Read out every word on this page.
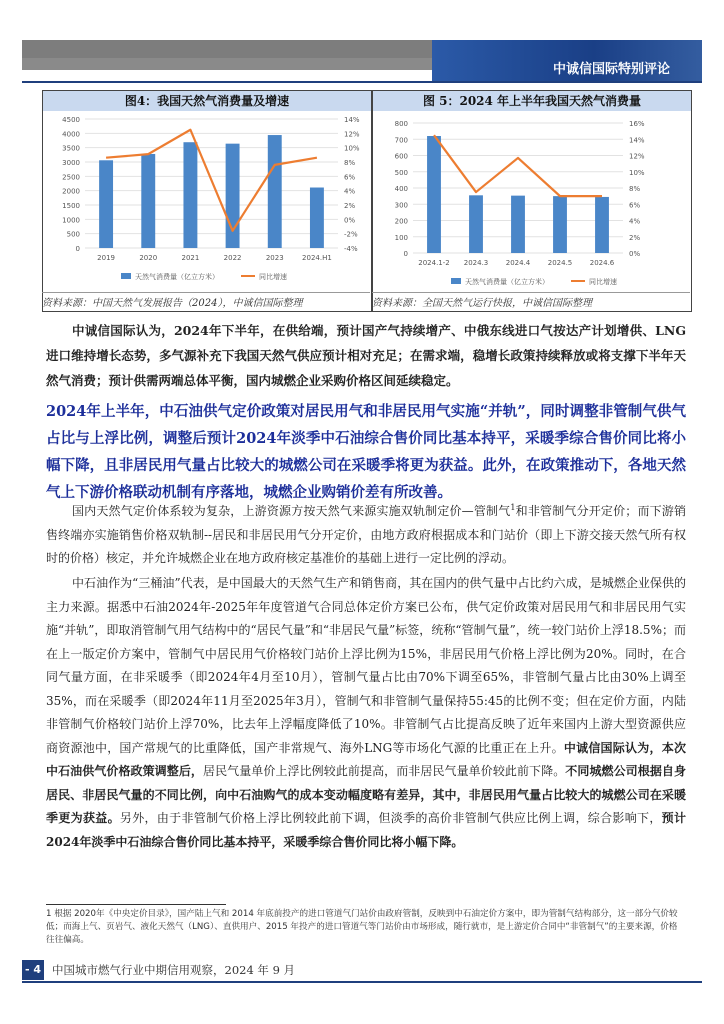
中诚信国际特别评论
图4：我国天然气消费量及增速
4500
4000
3500
3000
2500
2000
1500
1000
500
0
14%
12%
10%
8%
6%
4%
2%
0%
-2%
-4%
2019	2020	2021	2022	2023	2024.H1
天然气消费量（亿立方米）	同比增速
资料来源：中国天然气发展报告（2024），中诚信国际整理
图 5：2024 年上半年我国天然气消费量
800
700
600
500
400
300
200
100
0
16%
14%
12%
10%
8%
6%
4%
2%
0%
2024.1-2 2024.3	2024.4	2024.5	2024.6
天然气消费量（亿立方米）	同比增速
资料来源：全国天然气运行快报，中诚信国际整理

中诚信国际认为，2024年下半年，在供给端，预计国产气持续增产、中俄东线进口气按达产计划增供、LNG进口维持增长态势，多气源补充下我国天然气供应预计相对充足；在需求端，稳增长政策持续释放或将支撑下半年天然气消费；预计供需两端总体平衡，国内城燃企业采购价格区间延续稳定。

2024年上半年，中石油供气定价政策对居民用气和非居民用气实施“并轨”，同时调整非管制气供气占比与上浮比例，调整后预计2024年淡季中石油综合售价同比基本持平，采暖季综合售价同比将小幅下降，且非居民用气量占比较大的城燃公司在采暖季将更为获益。此外，在政策推动下，各地天然气上下游价格联动机制有序落地，城燃企业购销价差有所改善。

国内天然气定价体系较为复杂，上游资源方按天然气来源实施双轨制定价—管制气$^1$和非管制气分开定价；而下游销售终端亦实施销售价格双轨制--居民和非居民用气分开定价，由地方政府根据成本和门站价（即上下游交接天然气所有权时的价格）核定，并允许城燃企业在地方政府核定基准价的基础上进行一定比例的浮动。

中石油作为“三桶油”代表，是中国最大的天然气生产和销售商，其在国内的供气量中占比约六成，是城燃企业保供的主力来源。据悉中石油2024年-2025年年度管道气合同总体定价方案已公布，供气定价政策对居民用气和非居民用气实施“并轨”，即取消管制气用气结构中的“居民气量”和“非居民气量”标签，统称“管制气量”，统一较门站价上浮18.5%；而在上一版定价方案中，管制气中居民用气价格较门站价上浮比例为15%，非居民用气价格上浮比例为20%。同时，在合同气量方面，在非采暖季（即2024年4月至10月），管制气量占比由70%下调至65%，非管制气量占比由30%上调至35%，而在采暖季（即2024年11月至2025年3月），管制气和非管制气量保持55:45的比例不变；但在定价方面，内陆非管制气价格较门站价上浮70%，比去年上浮幅度降低了10%。非管制气占比提高反映了近年来国内上游大型资源供应商资源池中，国产常规气的比重降低，国产非常规气、海外LNG等市场化气源的比重正在上升。中诚信国际认为，本次中石油供气价格政策调整后，居民气量单价上浮比例较此前提高，而非居民气量单价较此前下降。不同城燃公司根据自身居民、非居民气量的不同比例，向中石油购气的成本变动幅度略有差异，其中，非居民用气量占比较大的城燃公司在采暖季更为获益。另外，由于非管制气价格上浮比例较此前下调，但淡季的高价非管制气供应比例上调，综合影响下，预计2024年淡季中石油综合售价同比基本持平，采暖季综合售价同比将小幅下降。

1 根据 2020年《中央定价目录》，国产陆上气和 2014 年底前投产的进口管道气门站价由政府管制，反映到中石油定价方案中，即为管制气结构部分，这一部分气价较低；而海上气、页岩气、液化天然气（LNG）、直供用户、2015 年投产的进口管道气等门站价由市场形成，随行就市，是上游定价合同中“非管制气”的主要来源，价格往往偏高。
- 4 -
中国城市燃气行业中期信用观察，2024 年 9 月
